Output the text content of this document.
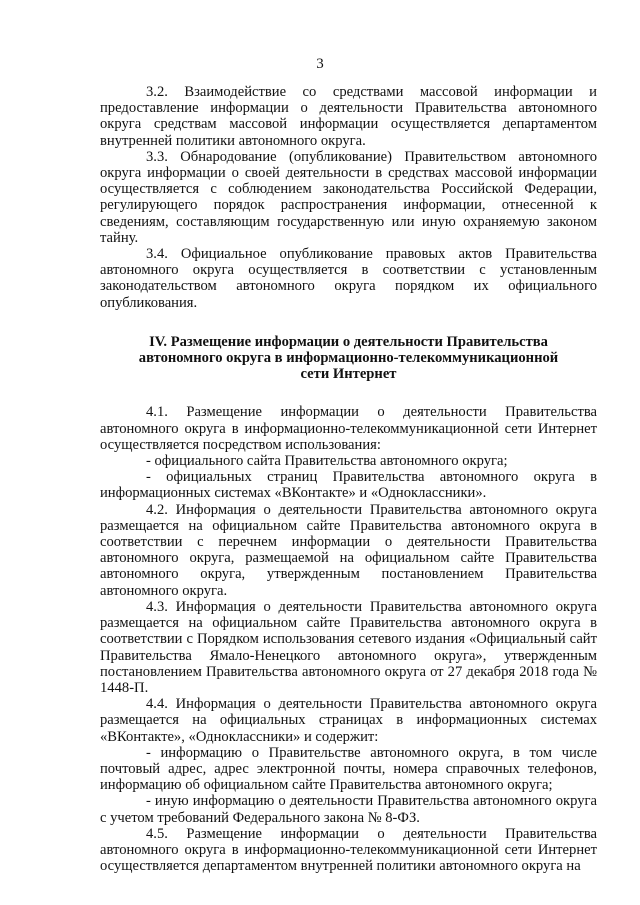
3

3.2. Взаимодействие со средствами массовой информации и предоставление информации о деятельности Правительства автономного округа средствам массовой информации осуществляется департаментом внутренней политики автономного округа.

3.3. Обнародование (опубликование) Правительством автономного округа информации о своей деятельности в средствах массовой информации осуществляется с соблюдением законодательства Российской Федерации, регулирующего порядок распространения информации, отнесенной к сведениям, составляющим государственную или иную охраняемую законом тайну.

3.4. Официальное опубликование правовых актов Правительства автономного округа осуществляется в соответствии с установленным законодательством автономного округа порядком их официального опубликования.

IV. Размещение информации о деятельности Правительства
автономного округа в информационно-телекоммуникационной
сети Интернет

4.1. Размещение информации о деятельности Правительства автономного округа в информационно-телекоммуникационной сети Интернет осуществляется посредством использования:

- официального сайта Правительства автономного округа;

- официальных страниц Правительства автономного округа в информационных системах «ВКонтакте» и «Одноклассники».

4.2. Информация о деятельности Правительства автономного округа размещается на официальном сайте Правительства автономного округа в соответствии с перечнем информации о деятельности Правительства автономного округа, размещаемой на официальном сайте Правительства автономного округа, утвержденным постановлением Правительства автономного округа.

4.3. Информация о деятельности Правительства автономного округа размещается на официальном сайте Правительства автономного округа в соответствии с Порядком использования сетевого издания «Официальный сайт Правительства Ямало-Ненецкого автономного округа», утвержденным постановлением Правительства автономного округа от 27 декабря 2018 года № 1448-П.

4.4. Информация о деятельности Правительства автономного округа размещается на официальных страницах в информационных системах «ВКонтакте», «Одноклассники» и содержит:

- информацию о Правительстве автономного округа, в том числе почтовый адрес, адрес электронной почты, номера справочных телефонов, информацию об официальном сайте Правительства автономного округа;

- иную информацию о деятельности Правительства автономного округа с учетом требований Федерального закона № 8-ФЗ.

4.5. Размещение информации о деятельности Правительства автономного округа в информационно-телекоммуникационной сети Интернет осуществляется департаментом внутренней политики автономного округа на
